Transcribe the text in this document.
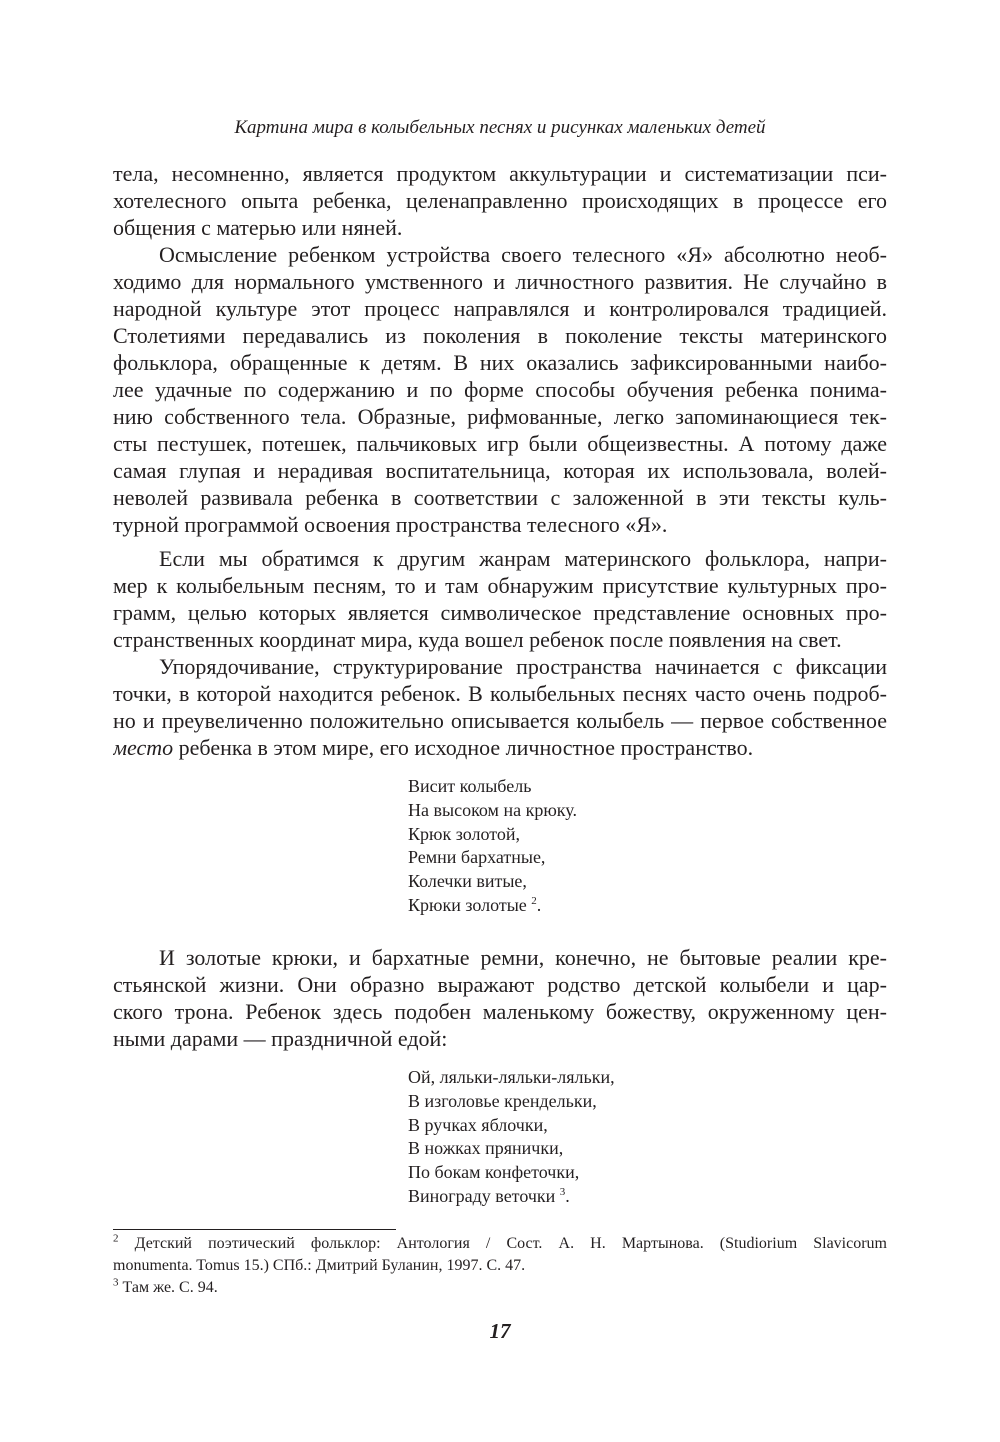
Картина мира в колыбельных песнях и рисунках маленьких детей
тела, несомненно, является продуктом аккультурации и систематизации пси-
хотелесного опыта ребенка, целенаправленно происходящих в процессе его
общения с матерью или няней.
Осмысление ребенком устройства своего телесного «Я» абсолютно необ-
ходимо для нормального умственного и личностного развития. Не случайно в
народной культуре этот процесс направлялся и контролировался традицией.
Столетиями передавались из поколения в поколение тексты материнского
фольклора, обращенные к детям. В них оказались зафиксированными наибо-
лее удачные по содержанию и по форме способы обучения ребенка понима-
нию собственного тела. Образные, рифмованные, легко запоминающиеся тек-
сты пестушек, потешек, пальчиковых игр были общеизвестны. А потому даже
самая глупая и нерадивая воспитательница, которая их использовала, волей-
неволей развивала ребенка в соответствии с заложенной в эти тексты куль-
турной программой освоения пространства телесного «Я».
Если мы обратимся к другим жанрам материнского фольклора, напри-
мер к колыбельным песням, то и там обнаружим присутствие культурных про-
грамм, целью которых является символическое представление основных про-
странственных координат мира, куда вошел ребенок после появления на свет.
Упорядочивание, структурирование пространства начинается с фиксации
точки, в которой находится ребенок. В колыбельных песнях часто очень подроб-
но и преувеличенно положительно описывается колыбель — первое собственное
место ребенка в этом мире, его исходное личностное пространство.
Висит колыбель
На высоком на крюку.
Крюк золотой,
Ремни бархатные,
Колечки витые,
Крюки золотые $^2$.
И золотые крюки, и бархатные ремни, конечно, не бытовые реалии кре-
стьянской жизни. Они образно выражают родство детской колыбели и цар-
ского трона. Ребенок здесь подобен маленькому божеству, окруженному цен-
ными дарами — праздничной едой:
Ой, ляльки-ляльки-ляльки,
В изголовье крендельки,
В ручках яблочки,
В ножках прянички,
По бокам конфеточки,
Винограду веточки $^3$.
$^2$ Детский поэтический фольклор: Антология / Сост. А. Н. Мартынова. (Studiorium Slavicorum
monumenta. Tomus 15.) СПб.: Дмитрий Буланин, 1997. С. 47.
$^3$ Там же. С. 94.
17
